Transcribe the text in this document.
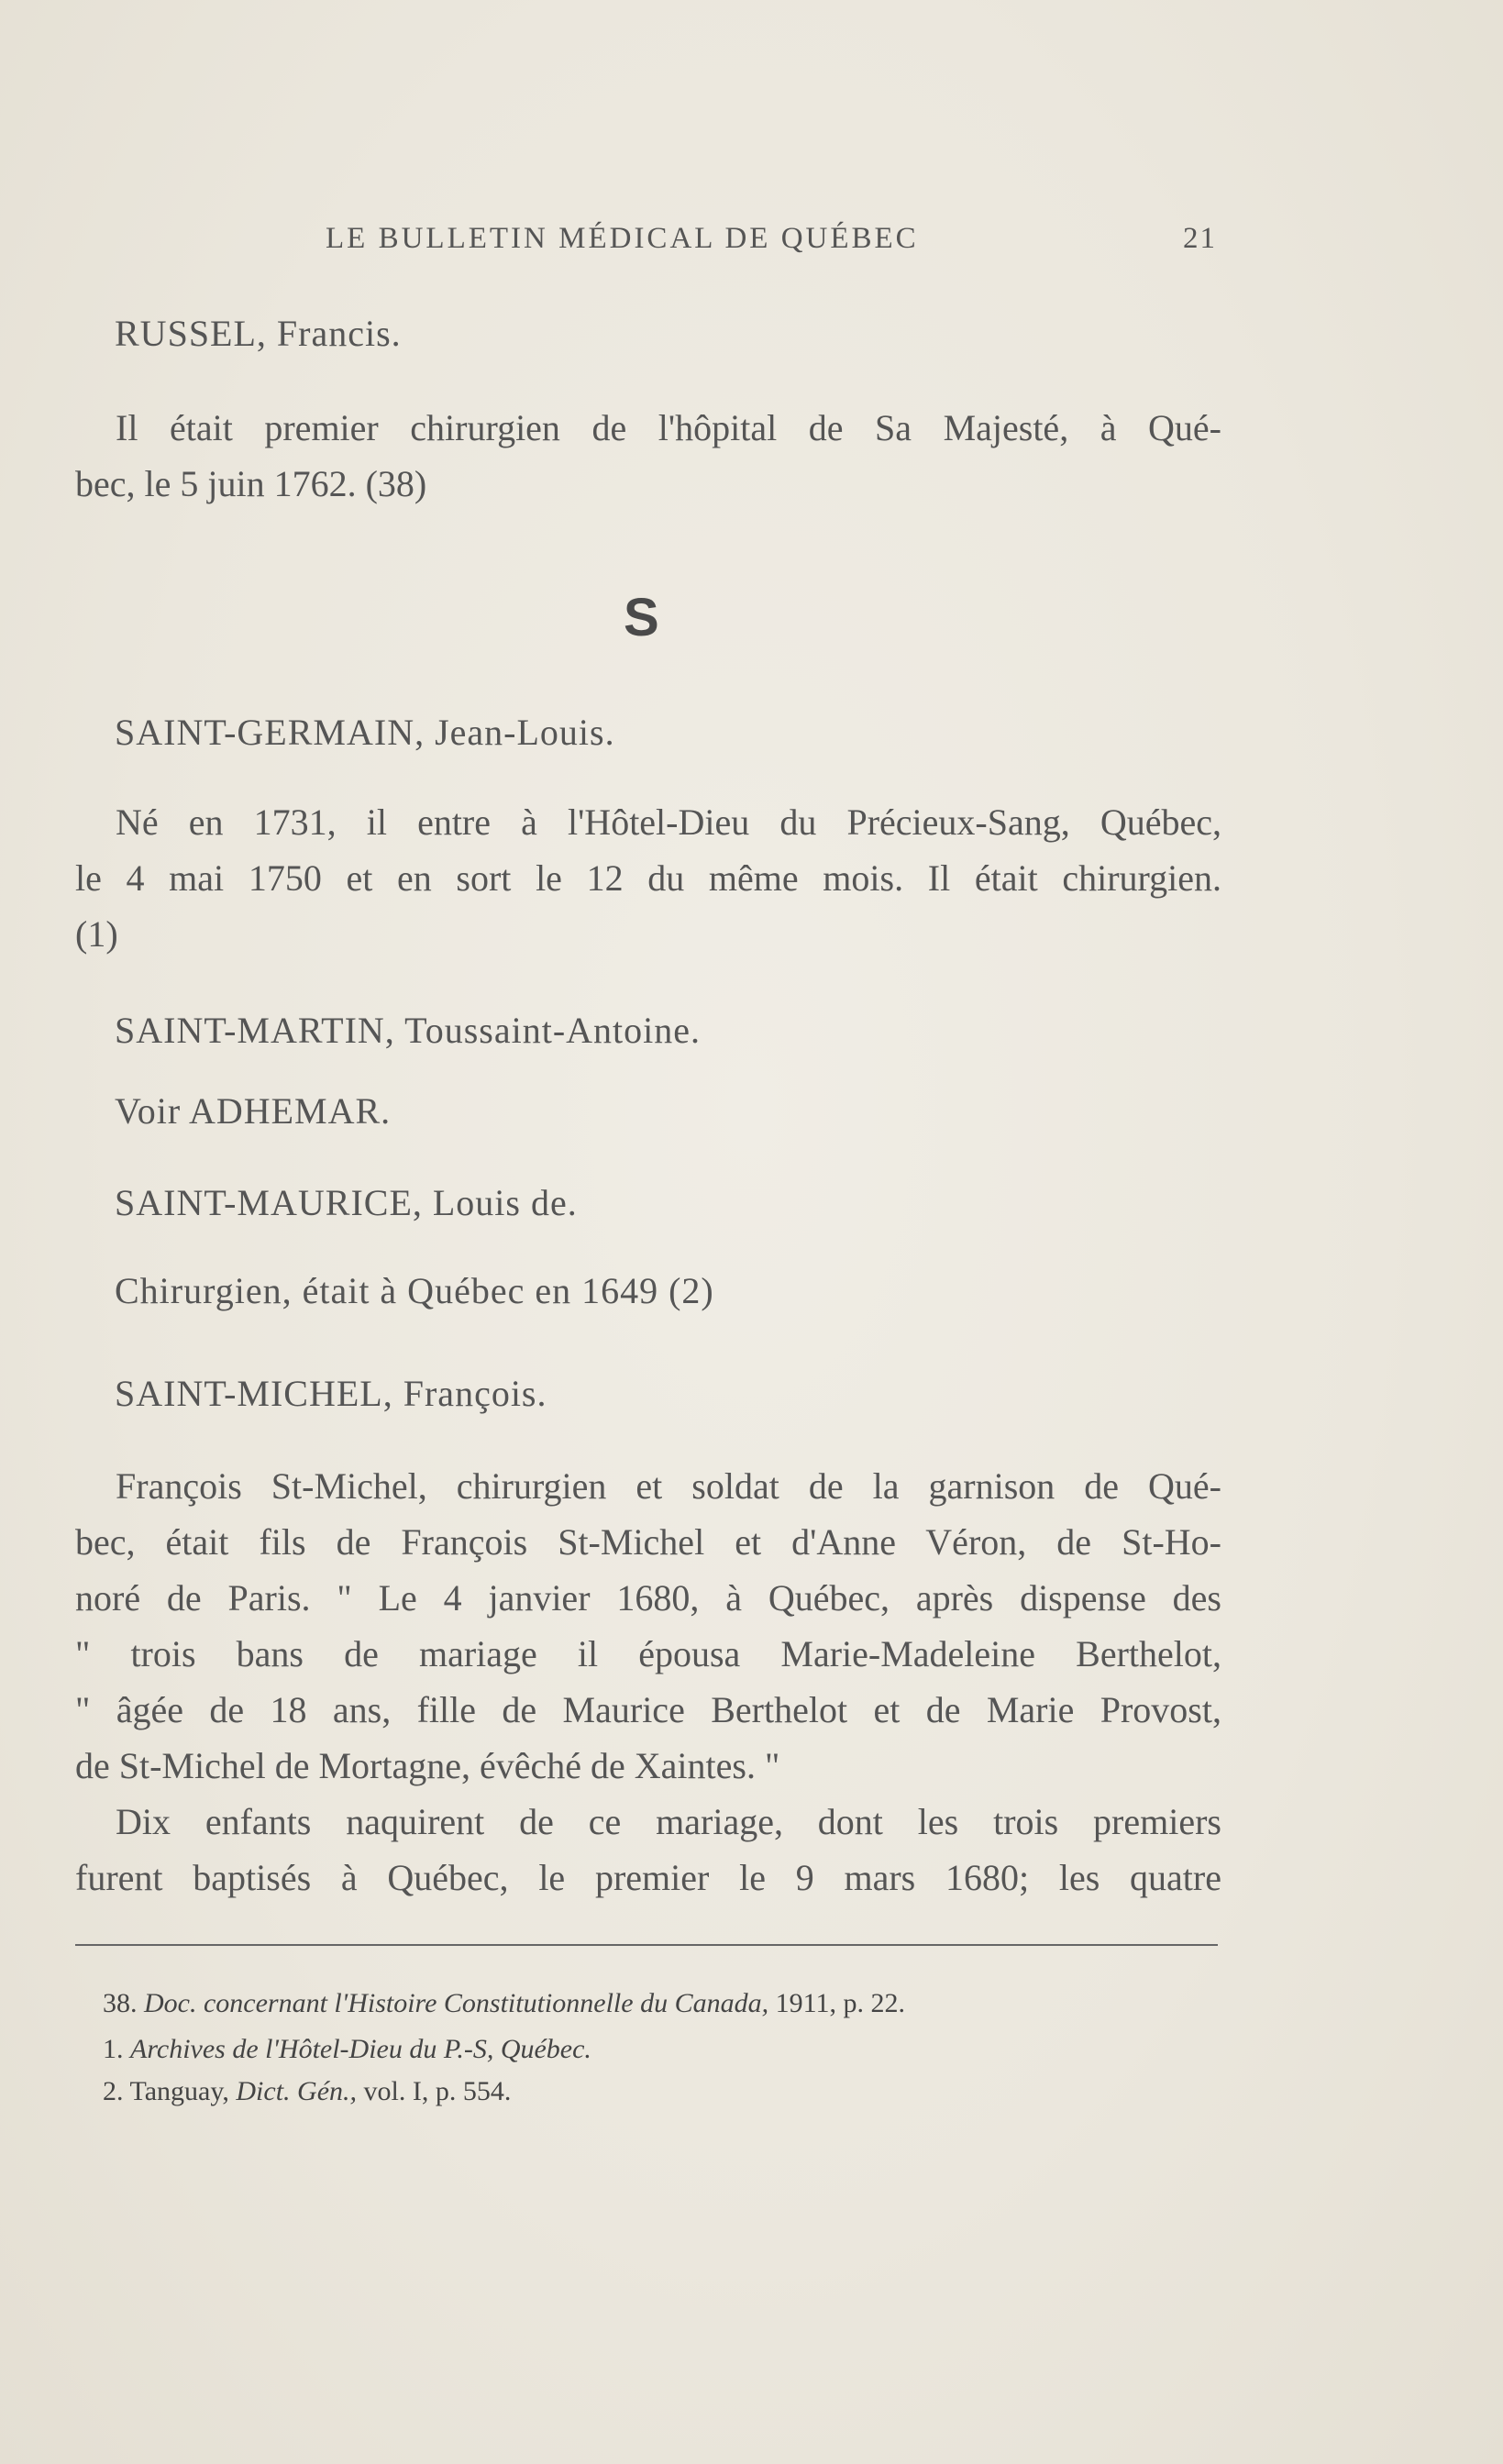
LE BULLETIN MÉDICAL DE QUÉBEC	21
RUSSEL, Francis.
Il était premier chirurgien de l'hôpital de Sa Majesté, à Qué-
bec, le 5 juin 1762. (38)
S
SAINT-GERMAIN, Jean-Louis.
Né en 1731, il entre à l'Hôtel-Dieu du Précieux-Sang, Québec,
le 4 mai 1750 et en sort le 12 du même mois. Il était chirurgien.
(1)
SAINT-MARTIN, Toussaint-Antoine.
Voir ADHEMAR.
SAINT-MAURICE, Louis de.
Chirurgien, était à Québec en 1649 (2)
SAINT-MICHEL, François.
François St-Michel, chirurgien et soldat de la garnison de Qué-
bec, était fils de François St-Michel et d'Anne Véron, de St-Ho-
noré de Paris. " Le 4 janvier 1680, à Québec, après dispense des
" trois bans de mariage il épousa Marie-Madeleine Berthelot,
" âgée de 18 ans, fille de Maurice Berthelot et de Marie Provost,
de St-Michel de Mortagne, évêché de Xaintes. "
Dix enfants naquirent de ce mariage, dont les trois premiers
furent baptisés à Québec, le premier le 9 mars 1680; les quatre
38. Doc. concernant l'Histoire Constitutionnelle du Canada, 1911, p. 22.
1. Archives de l'Hôtel-Dieu du P.-S, Québec.
2. Tanguay, Dict. Gén., vol. I, p. 554.
